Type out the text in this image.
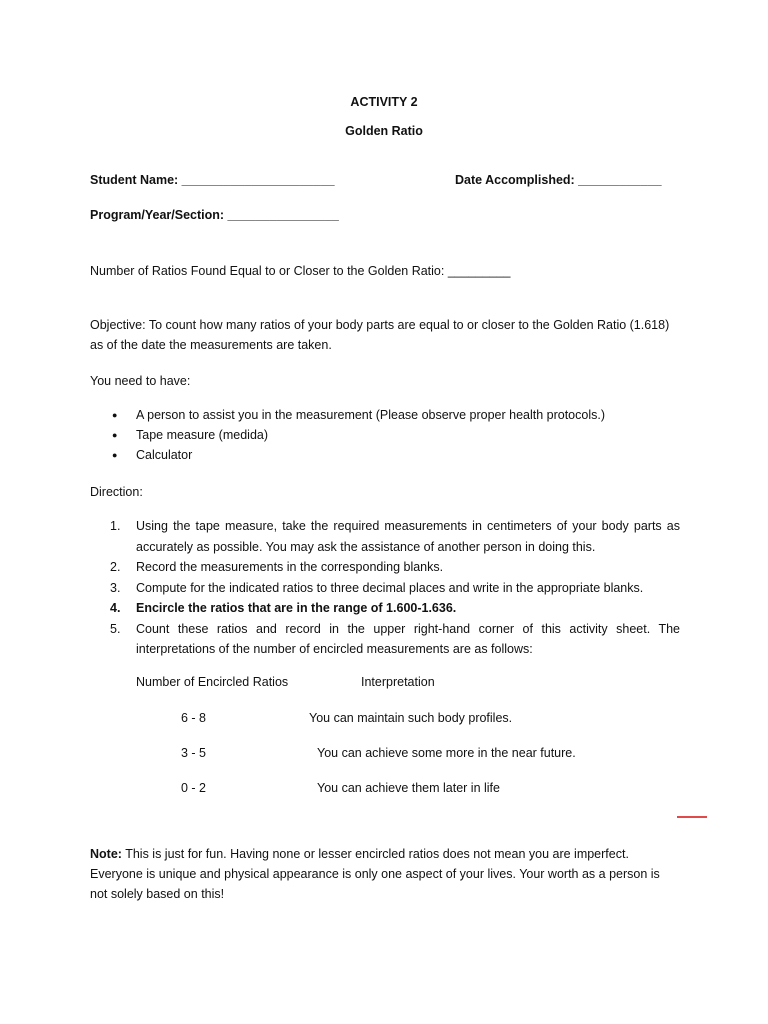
ACTIVITY 2
Golden Ratio
Student Name: ______________________	Date Accomplished: ____________
Program/Year/Section: ________________
Number of Ratios Found Equal to or Closer to the Golden Ratio: _________
Objective: To count how many ratios of your body parts are equal to or closer to the Golden Ratio (1.618)
as of the date the measurements are taken.
You need to have:
● A person to assist you in the measurement (Please observe proper health protocols.)
● Tape measure (medida)
● Calculator
Direction:
1. Using the tape measure, take the required measurements in centimeters of your body parts as accurately as possible. You may ask the assistance of another person in doing this.
2. Record the measurements in the corresponding blanks.
3. Compute for the indicated ratios to three decimal places and write in the appropriate blanks.
4. Encircle the ratios that are in the range of 1.600-1.636.
5. Count these ratios and record in the upper right-hand corner of this activity sheet. The interpretations of the number of encircled measurements are as follows:
Number of Encircled Ratios	Interpretation
6 - 8	You can maintain such body profiles.
3 - 5	You can achieve some more in the near future.
0 - 2	You can achieve them later in life
Note: This is just for fun. Having none or lesser encircled ratios does not mean you are imperfect.
Everyone is unique and physical appearance is only one aspect of your lives. Your worth as a person is
not solely based on this!
